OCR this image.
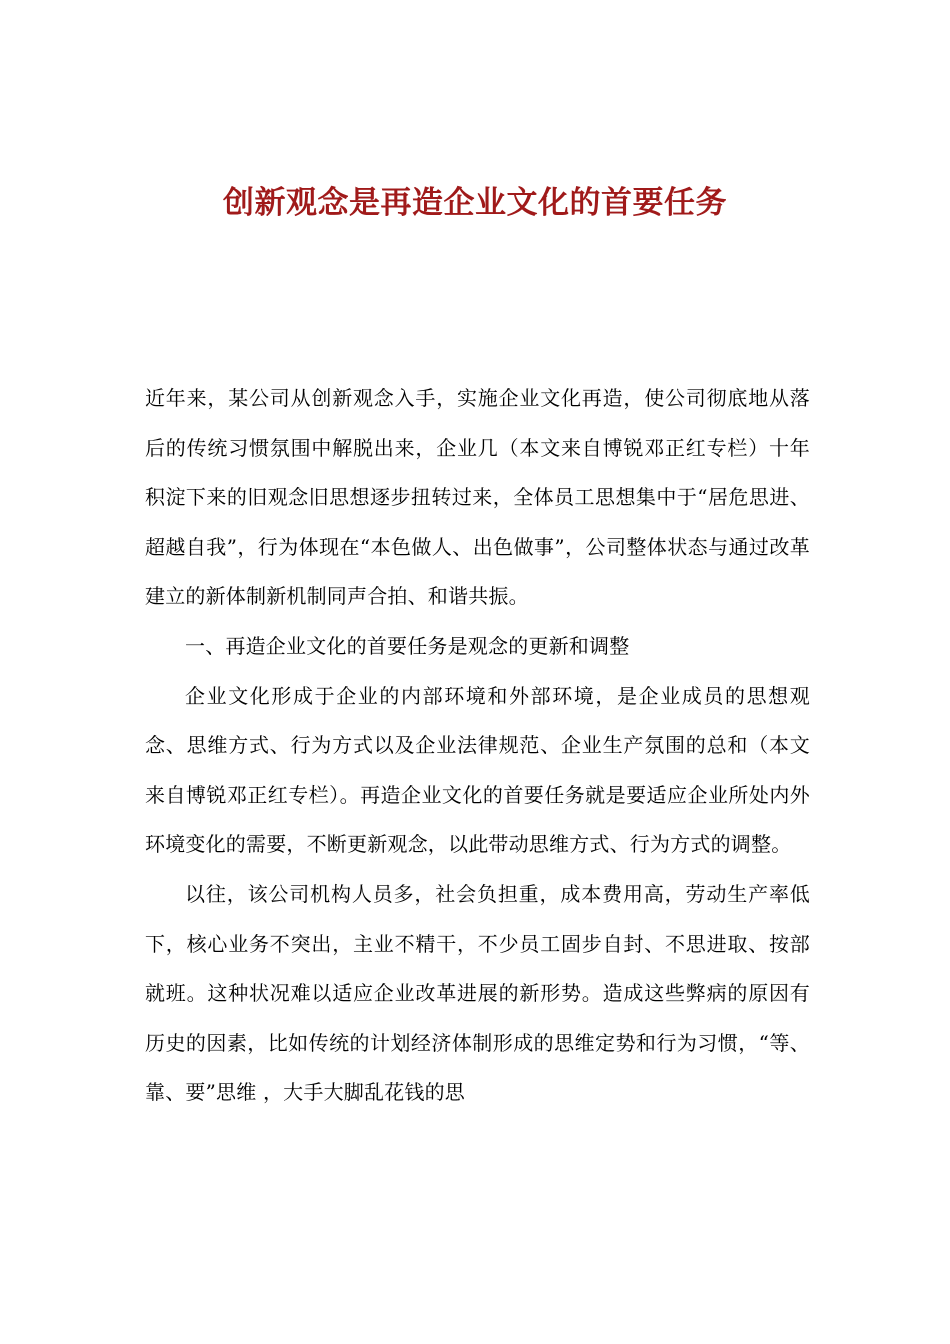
创新观念是再造企业文化的首要任务

近年来，某公司从创新观念入手，实施企业文化再造，使公司彻底地从落后的传统习惯氛围中解脱出来，企业几（本文来自博锐邓正红专栏）十年积淀下来的旧观念旧思想逐步扭转过来，全体员工思想集中于“居危思进、超越自我”，行为体现在“本色做人、出色做事”，公司整体状态与通过改革建立的新体制新机制同声合拍、和谐共振。

一、再造企业文化的首要任务是观念的更新和调整

企业文化形成于企业的内部环境和外部环境，是企业成员的思想观念、思维方式、行为方式以及企业法律规范、企业生产氛围的总和（本文来自博锐邓正红专栏）。再造企业文化的首要任务就是要适应企业所处内外环境变化的需要，不断更新观念，以此带动思维方式、行为方式的调整。

以往，该公司机构人员多，社会负担重，成本费用高，劳动生产率低下，核心业务不突出，主业不精干，不少员工固步自封、不思进取、按部就班。这种状况难以适应企业改革进展的新形势。造成这些弊病的原因有历史的因素，比如传统的计划经济体制形成的思维定势和行为习惯，“等、靠、要”思维 ，大手大脚乱花钱的思
